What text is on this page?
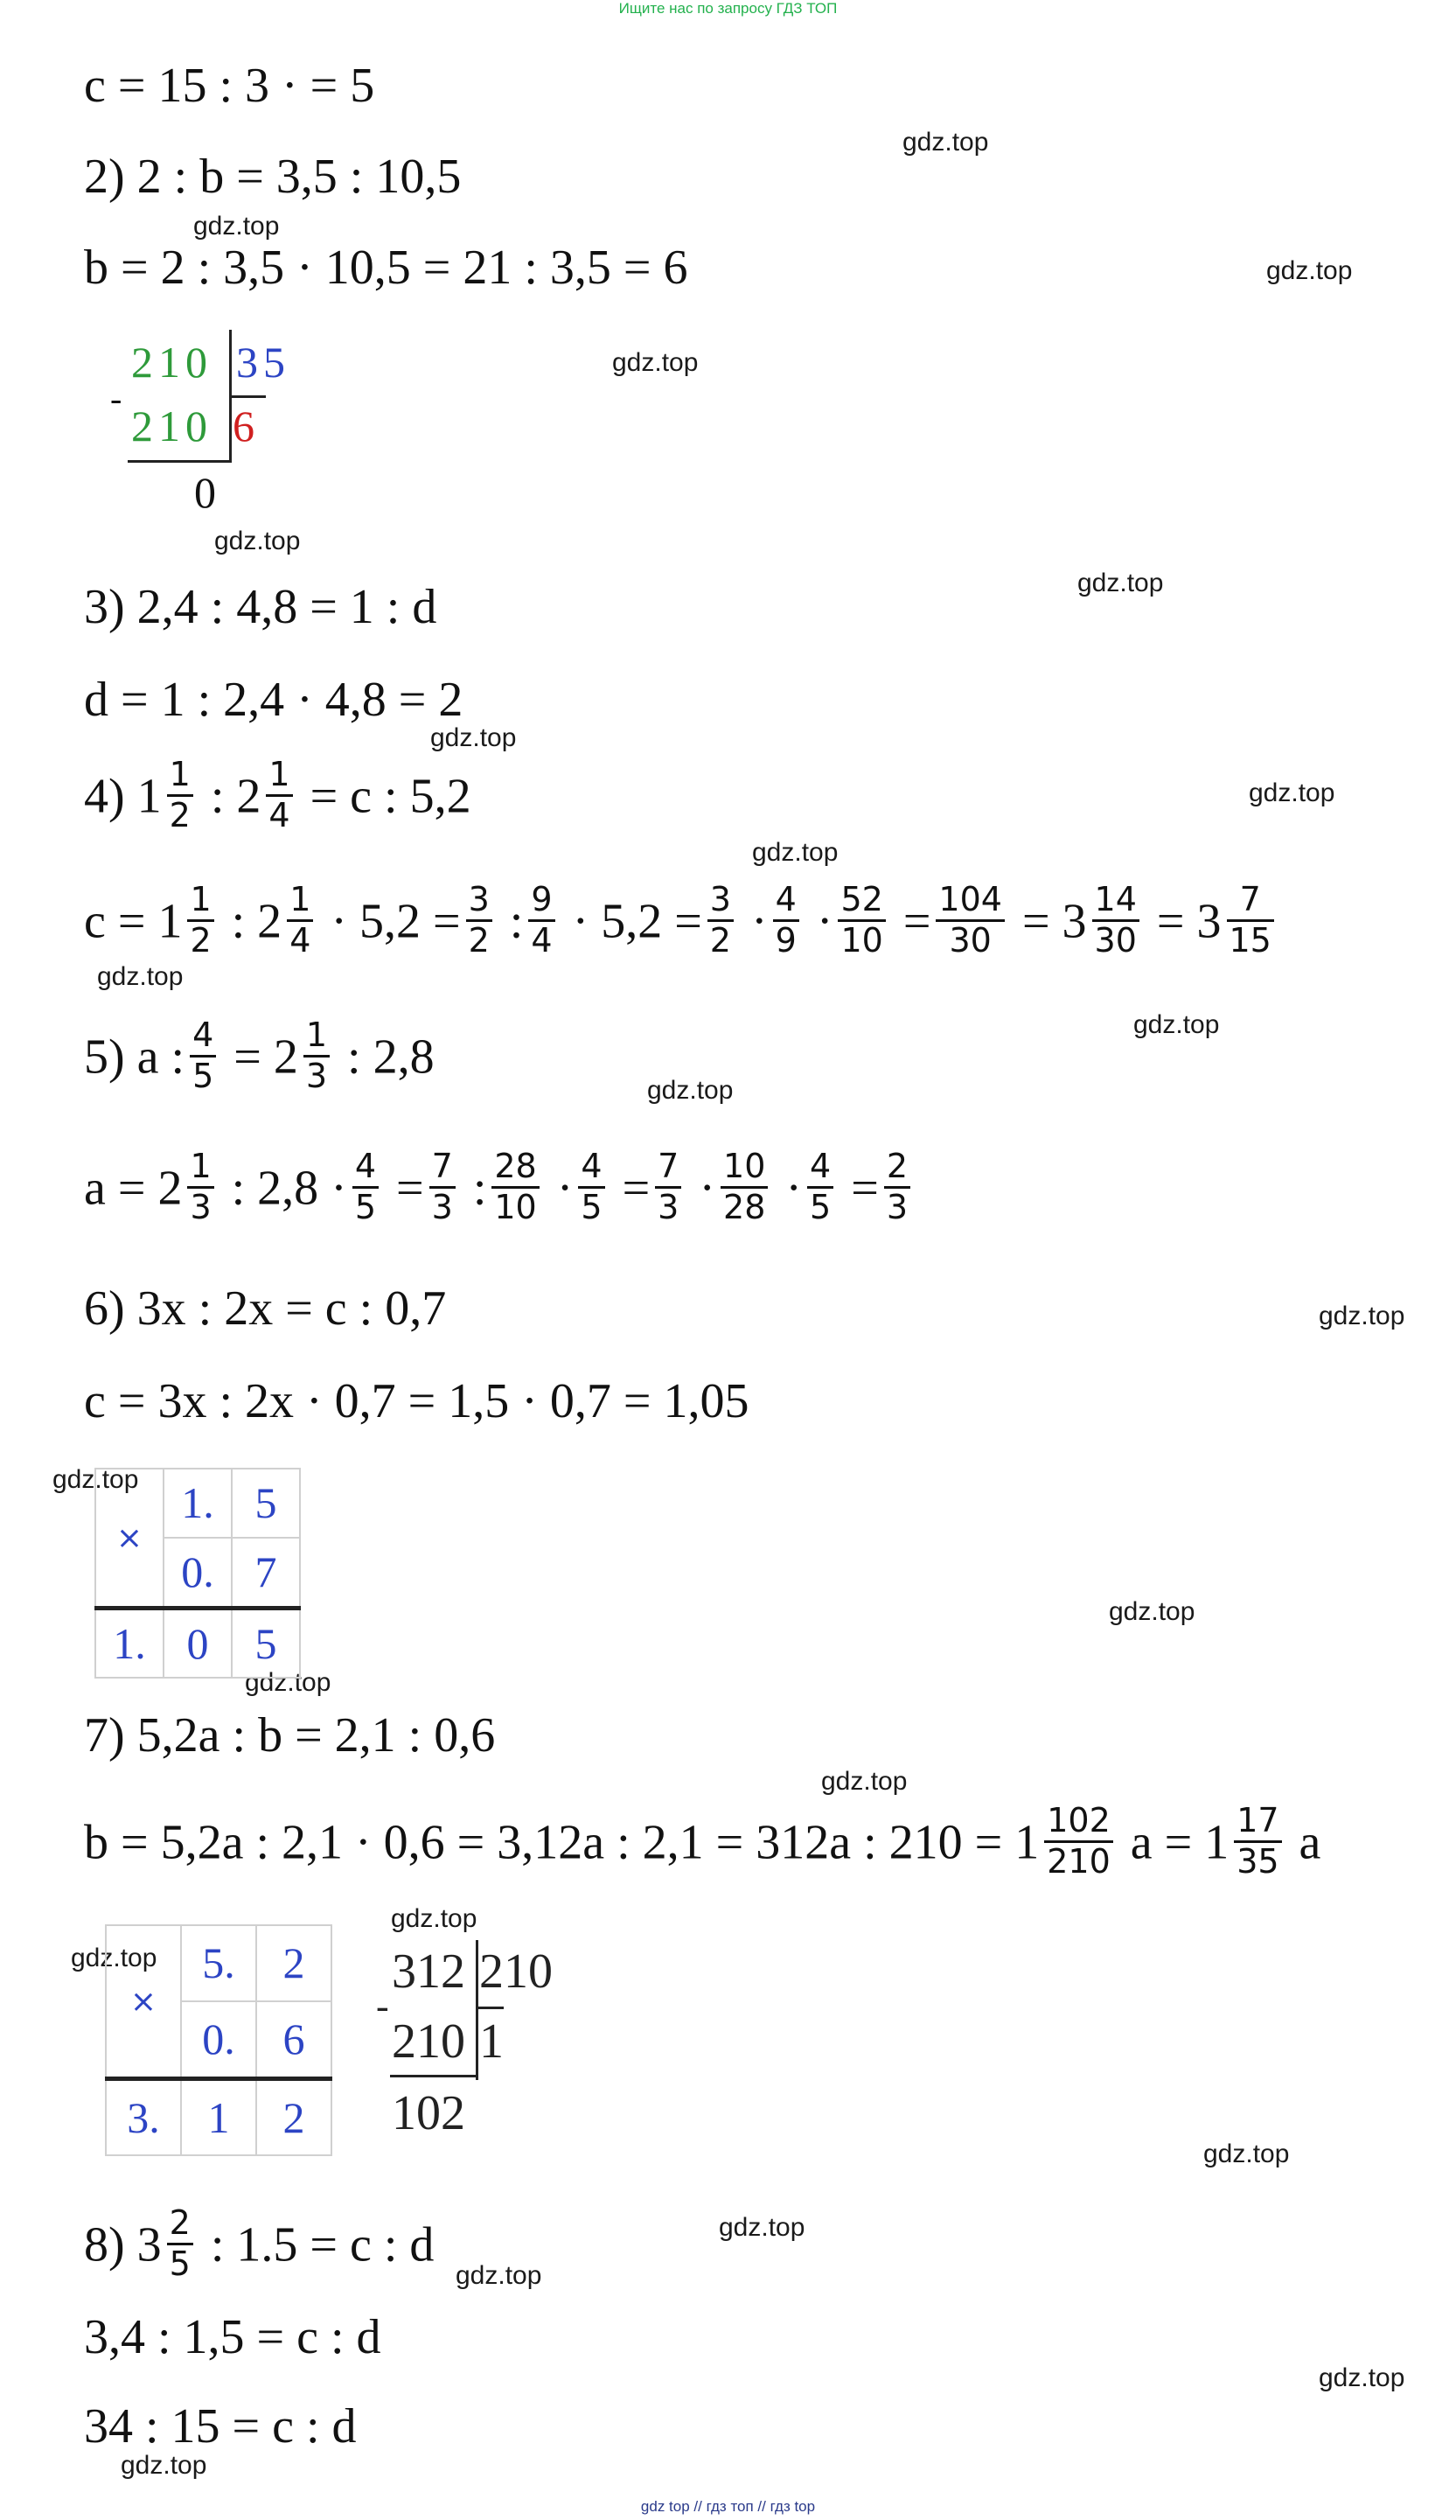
Ищите нас по запросу ГДЗ ТОП
gdz top // гдз топ // гдз top
gdz.top
gdz.top
gdz.top
gdz.top
gdz.top
gdz.top
gdz.top
gdz.top
gdz.top
gdz.top
gdz.top
gdz.top
gdz.top
gdz.top
gdz.top
gdz.top
gdz.top
gdz.top
gdz.top
gdz.top
gdz.top
gdz.top
gdz.top
gdz.top
c = 15 : 3 · = 5
2) 2 : b = 3,5 : 10,5
b = 2 : 3,5 · 10,5 = 21 : 3,5 = 6
210 35
-
210 6
0
3) 2,4 : 4,8 = 1 : d
d = 1 : 2,4 · 4,8 = 2
4) $1 \frac{1}{2}$ : $2 \frac{1}{4} = c$ : 5,2
$c = 1 \frac{1}{2}$ : $2 \frac{1}{4} \cdot 5,2 = \frac{3}{2}$ : $\frac{9}{4} \cdot 5,2 = \frac{3}{2} \cdot \frac{4}{9} \cdot \frac{52}{10} = \frac{104}{30} = 3 \frac{14}{30} = 3 \frac{7}{15}$
5) a : $\frac{4}{5} = 2 \frac{1}{3}$ : 2,8
$a = 2 \frac{1}{3}$ : $2,8 \cdot \frac{4}{5} = \frac{7}{3}$ : $\frac{28}{10} \cdot \frac{4}{5} = \frac{7}{3} \cdot \frac{10}{28} \cdot \frac{4}{5} = \frac{2}{3}$
6) 3x : 2x = c : 0,7
c = 3x : 2x · 0,7 = 1,5 · 0,7 = 1,05
×	1.	5
	0.	7
1.	0	5
7) 5,2a : b = 2,1 : 0,6
b = 5,2a : 2,1 · 0,6 = 3,12a : 2,1 = 312a : $210 = 1 \frac{102}{210}$ $a = 1 \frac{17}{35}$ a
×	5.	2
	0.	6
3.	1	2
312 210
-
210 1
102
8) $3 \frac{2}{5}$ : 1.5 = c : d
3,4 : 1,5 = c : d
34 : 15 = c : d
